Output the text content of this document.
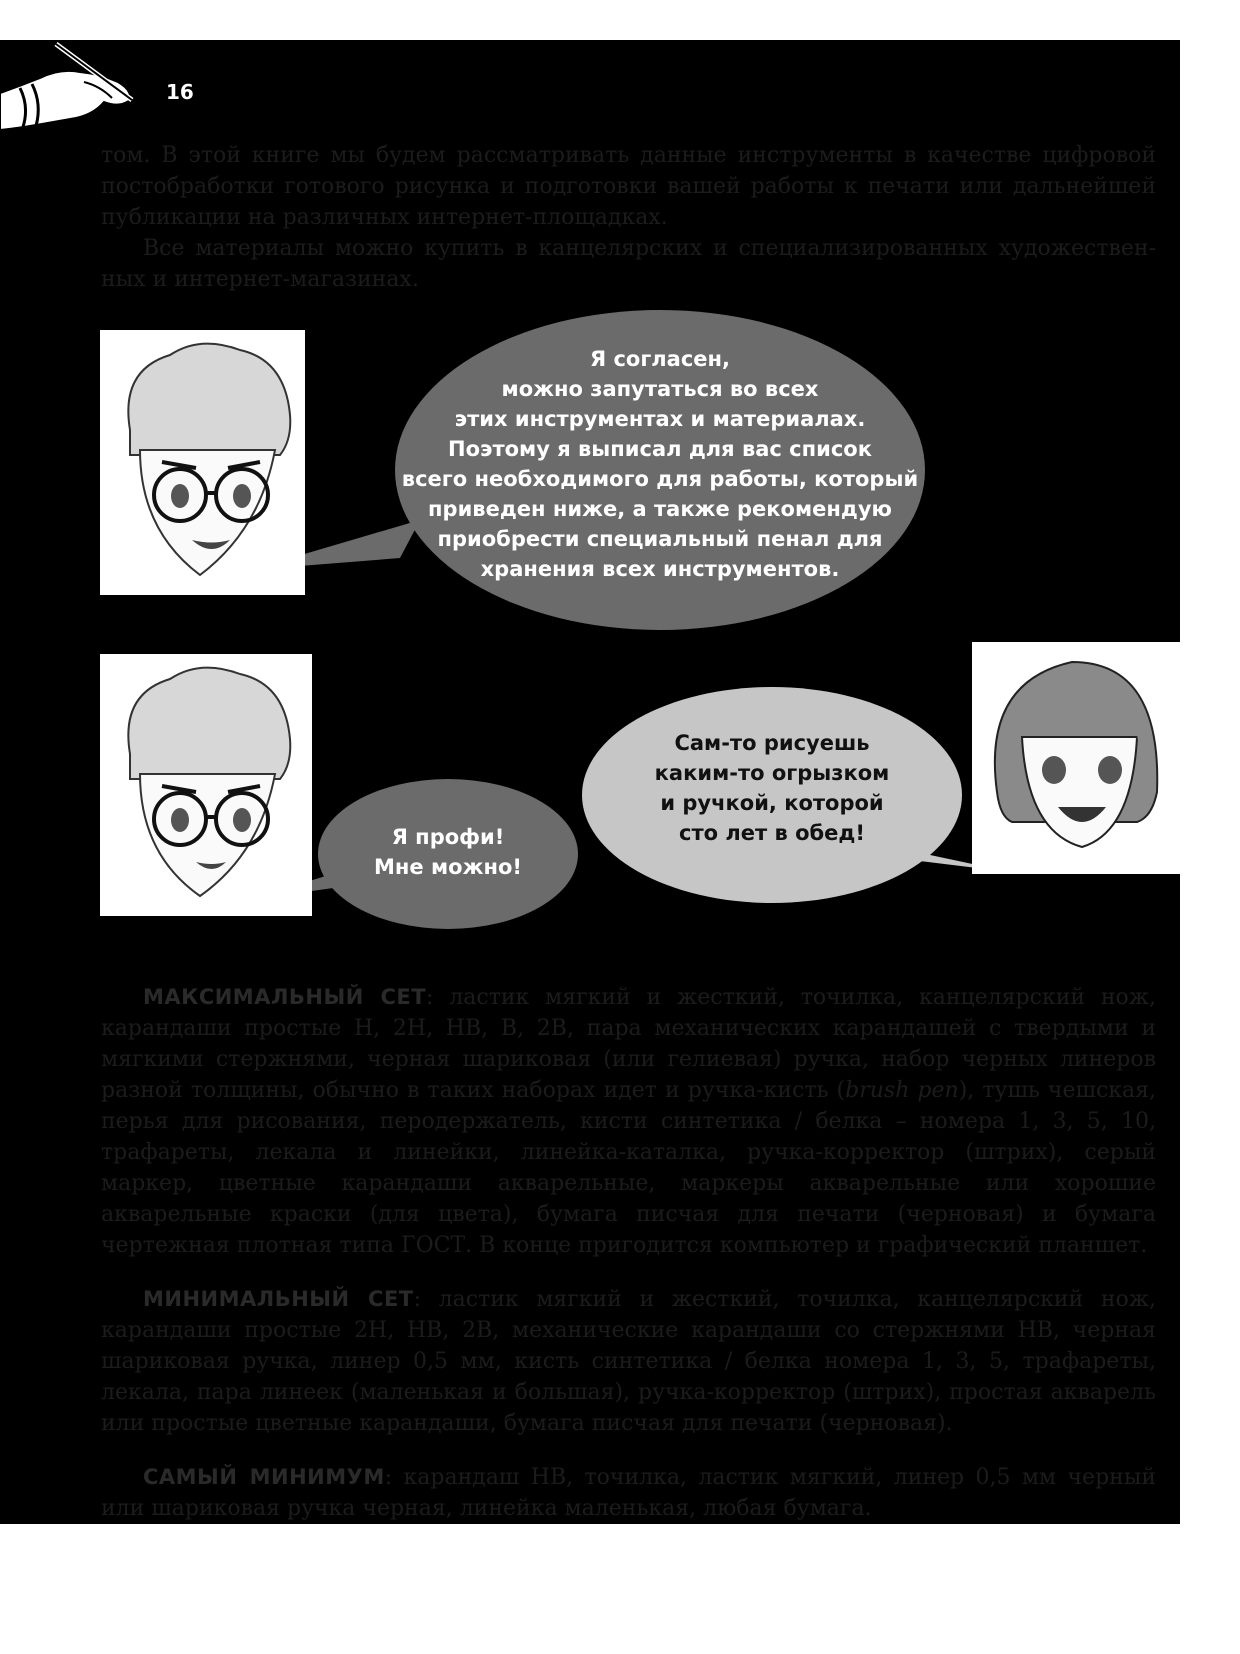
16

том. В этой книге мы будем рассматривать данные инструменты в качестве цифровой постобработки готового рисунка и подготовки вашей работы к печати или дальнейшей публикации на различных интернет-площадках.

Все материалы можно купить в канцелярских и специализированных художественных и интернет-магазинах.

Я согласен,
можно запутаться во всех
этих инструментах и материалах.
Поэтому я выписал для вас список
всего необходимого для работы, который
приведен ниже, а также рекомендую
приобрести специальный пенал для
хранения всех инструментов.
Я профи!
Мне можно!
Сам-то рисуешь
каким-то огрызком
и ручкой, которой
сто лет в обед!

МАКСИМАЛЬНЫЙ СЕТ: ластик мягкий и жесткий, точилка, канцелярский нож, карандаши простые Н, 2Н, НВ, В, 2В, пара механических карандашей с твердыми и мягкими стержнями, черная шариковая (или гелиевая) ручка, набор черных линеров разной толщины, обычно в таких наборах идет и ручка-кисть (brush pen), тушь чешская, перья для рисования, перодержатель, кисти синтетика / белка – номера 1, 3, 5, 10, трафареты, лекала и линейки, линейка-каталка, ручка-корректор (штрих), серый маркер, цветные карандаши акварельные, маркеры акварельные или хорошие акварельные краски (для цвета), бумага писчая для печати (черновая) и бумага чертежная плотная типа ГОСТ. В конце пригодится компьютер и графический планшет.

МИНИМАЛЬНЫЙ СЕТ: ластик мягкий и жесткий, точилка, канцелярский нож, карандаши простые 2Н, НВ, 2В, механические карандаши со стержнями НВ, черная шариковая ручка, линер 0,5 мм, кисть синтетика / белка номера 1, 3, 5, трафареты, лекала, пара линеек (маленькая и большая), ручка-корректор (штрих), простая акварель или простые цветные карандаши, бумага писчая для печати (черновая).

САМЫЙ МИНИМУМ: карандаш НВ, точилка, ластик мягкий, линер 0,5 мм черный или шариковая ручка черная, линейка маленькая, любая бумага.
